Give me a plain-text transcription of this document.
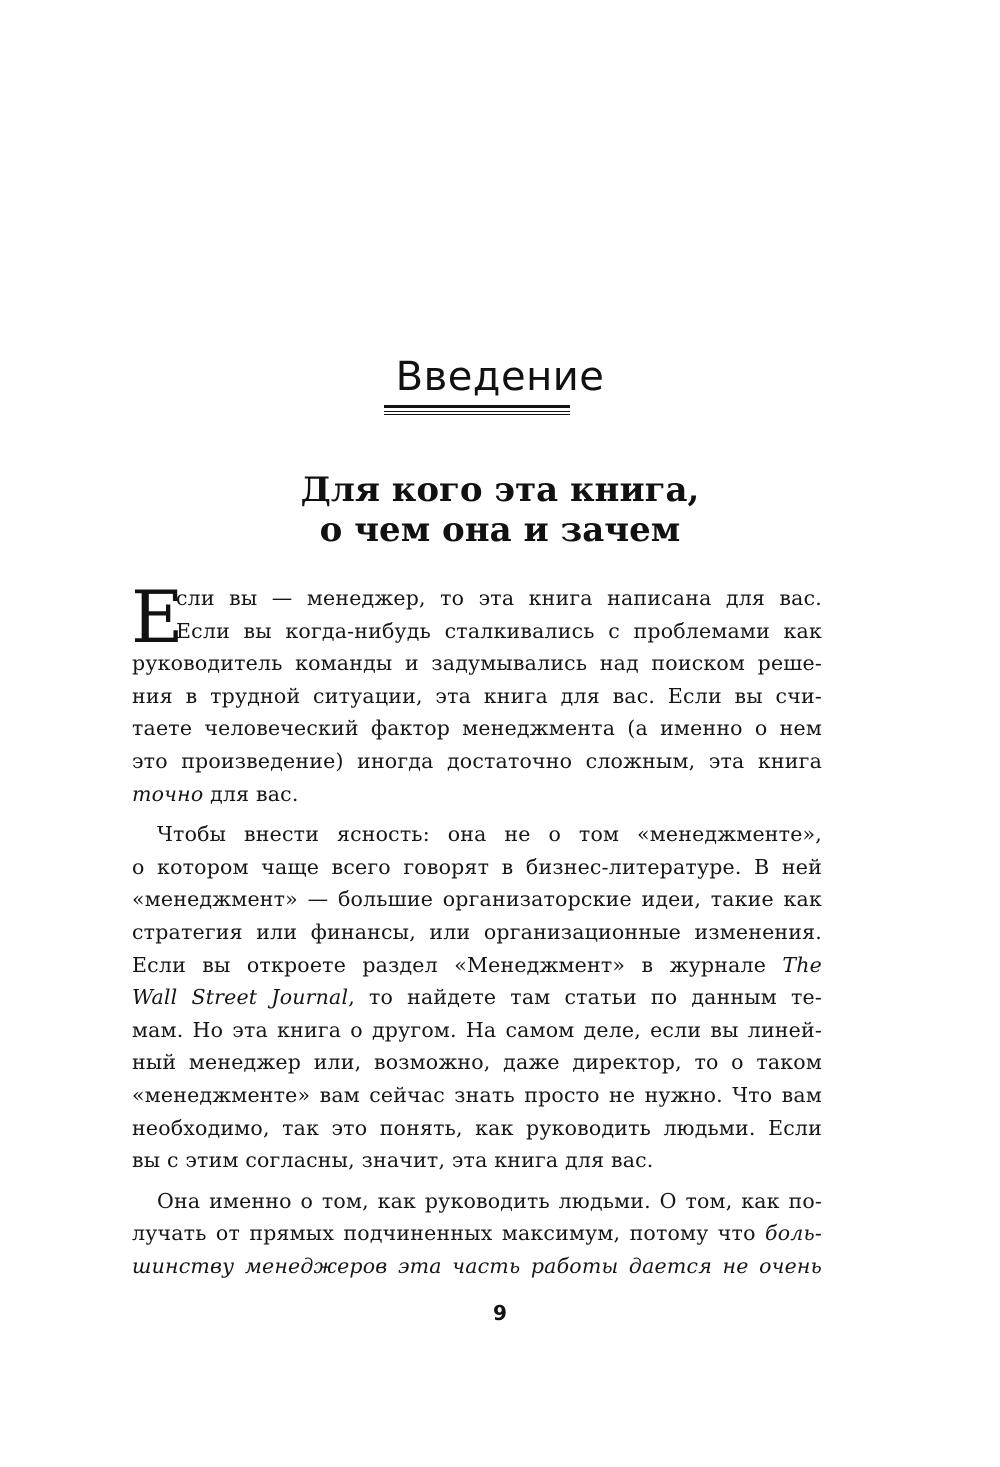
Введение
Для кого эта книга,
о чем она и зачем
Е
сли вы — менеджер, то эта книга написана для вас.
Если вы когда-нибудь сталкивались с проблемами как
руководитель команды и задумывались над поиском реше-
ния в трудной ситуации, эта книга для вас. Если вы счи-
таете человеческий фактор менеджмента (а именно о нем
это произведение) иногда достаточно сложным, эта книга
точно для вас.
Чтобы внести ясность: она не о том «менеджменте»,
о котором чаще всего говорят в бизнес-литературе. В ней
«менеджмент» — большие организаторские идеи, такие как
стратегия или финансы, или организационные изменения.
Если вы откроете раздел «Менеджмент» в журнале The
Wall Street Journal, то найдете там статьи по данным те-
мам. Но эта книга о другом. На самом деле, если вы линей-
ный менеджер или, возможно, даже директор, то о таком
«менеджменте» вам сейчас знать просто не нужно. Что вам
необходимо, так это понять, как руководить людьми. Если
вы с этим согласны, значит, эта книга для вас.
Она именно о том, как руководить людьми. О том, как по-
лучать от прямых подчиненных максимум, потому что боль-
шинству менеджеров эта часть работы дается не очень
9
